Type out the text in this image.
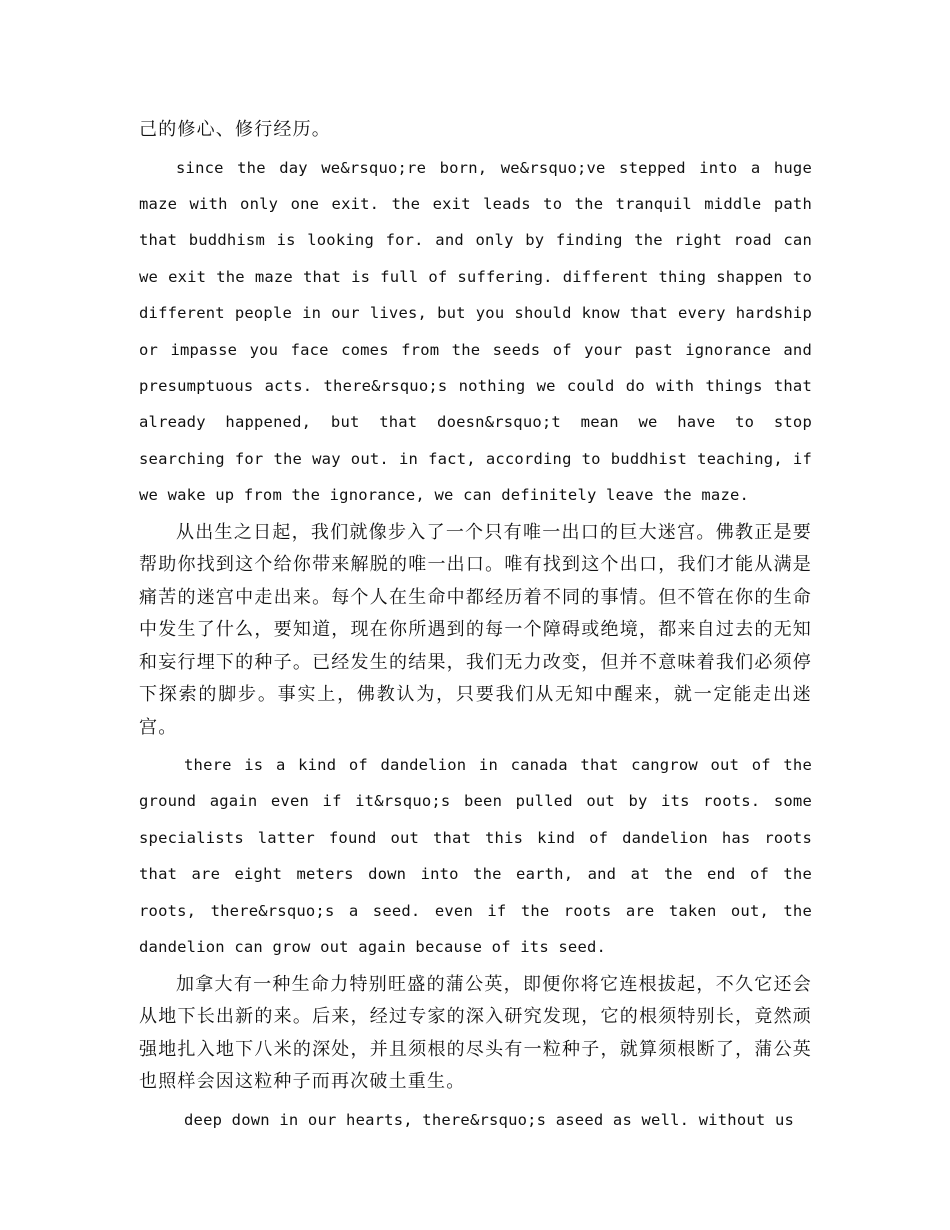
己的修心、修行经历。

since the day we&rsquo;re born, we&rsquo;ve stepped into a huge maze with only one exit. the exit leads to the tranquil middle path that buddhism is looking for. and only by finding the right road can we exit the maze that is full of suffering. different thing shappen to different people in our lives, but you should know that every hardship or impasse you face comes from the seeds of your past ignorance and presumptuous acts. there&rsquo;s nothing we could do with things that already happened, but that doesn&rsquo;t mean we have to stop searching for the way out. in fact, according to buddhist teaching, if we wake up from the ignorance, we can definitely leave the maze.

从出生之日起，我们就像步入了一个只有唯一出口的巨大迷宫。佛教正是要帮助你找到这个给你带来解脱的唯一出口。唯有找到这个出口，我们才能从满是痛苦的迷宫中走出来。每个人在生命中都经历着不同的事情。但不管在你的生命中发生了什么，要知道，现在你所遇到的每一个障碍或绝境，都来自过去的无知和妄行埋下的种子。已经发生的结果，我们无力改变，但并不意味着我们必须停下探索的脚步。事实上，佛教认为，只要我们从无知中醒来，就一定能走出迷宫。

there is a kind of dandelion in canada that cangrow out of the ground again even if it&rsquo;s been pulled out by its roots. some specialists latter found out that this kind of dandelion has roots that are eight meters down into the earth, and at the end of the roots, there&rsquo;s a seed. even if the roots are taken out, the dandelion can grow out again because of its seed.

加拿大有一种生命力特别旺盛的蒲公英，即便你将它连根拔起，不久它还会从地下长出新的来。后来，经过专家的深入研究发现，它的根须特别长，竟然顽强地扎入地下八米的深处，并且须根的尽头有一粒种子，就算须根断了，蒲公英也照样会因这粒种子而再次破土重生。

deep down in our hearts, there&rsquo;s aseed as well. without us
